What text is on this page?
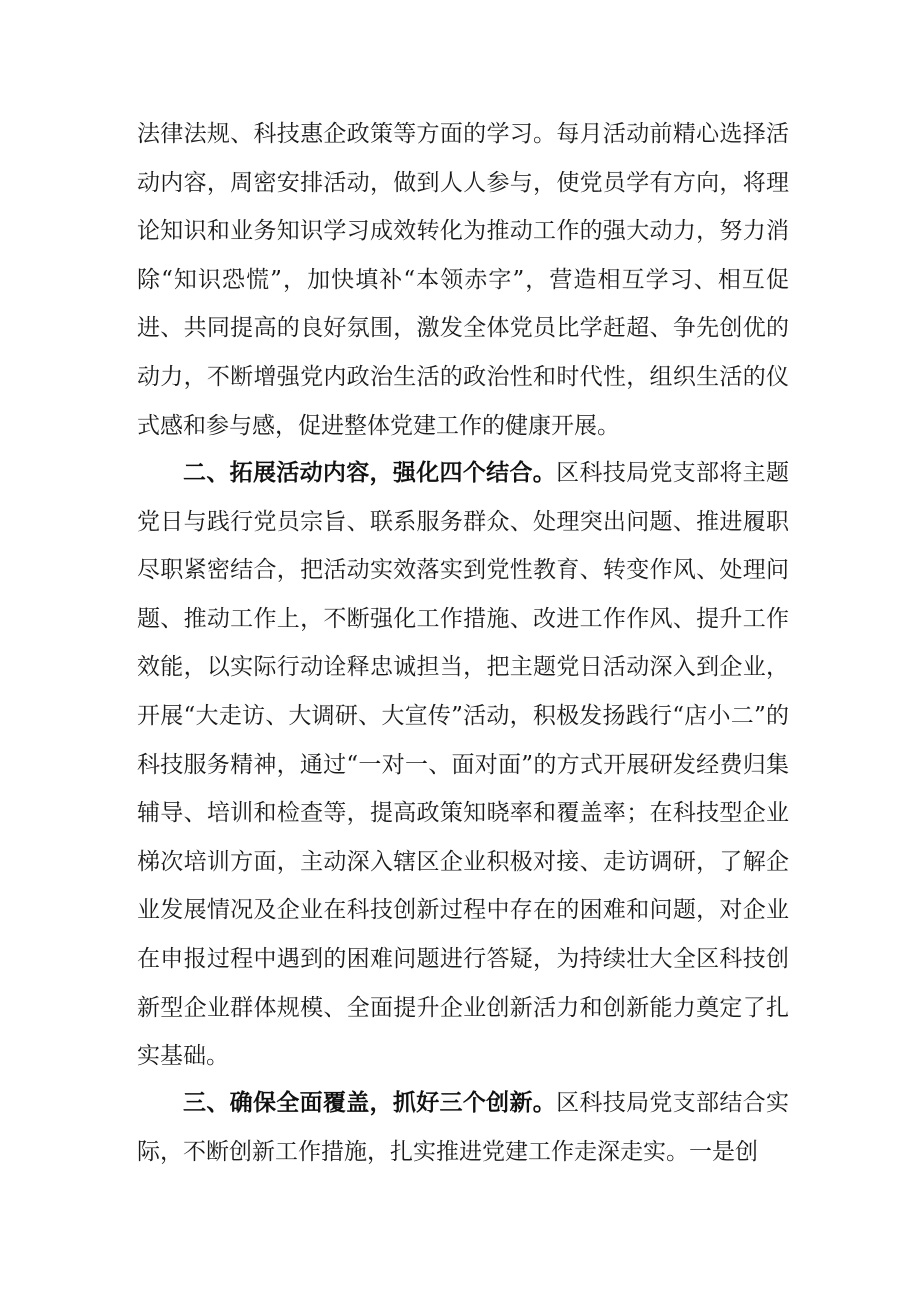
法律法规、科技惠企政策等方面的学习。每月活动前精心选择活动内容，周密安排活动，做到人人参与，使党员学有方向，将理论知识和业务知识学习成效转化为推动工作的强大动力，努力消除“知识恐慌”，加快填补“本领赤字”，营造相互学习、相互促进、共同提高的良好氛围，激发全体党员比学赶超、争先创优的动力，不断增强党内政治生活的政治性和时代性，组织生活的仪式感和参与感，促进整体党建工作的健康开展。

二、拓展活动内容，强化四个结合。区科技局党支部将主题党日与践行党员宗旨、联系服务群众、处理突出问题、推进履职尽职紧密结合，把活动实效落实到党性教育、转变作风、处理问题、推动工作上，不断强化工作措施、改进工作作风、提升工作效能，以实际行动诠释忠诚担当，把主题党日活动深入到企业，开展“大走访、大调研、大宣传”活动，积极发扬践行“店小二”的科技服务精神，通过“一对一、面对面”的方式开展研发经费归集辅导、培训和检查等，提高政策知晓率和覆盖率；在科技型企业梯次培训方面，主动深入辖区企业积极对接、走访调研，了解企业发展情况及企业在科技创新过程中存在的困难和问题，对企业在申报过程中遇到的困难问题进行答疑，为持续壮大全区科技创新型企业群体规模、全面提升企业创新活力和创新能力奠定了扎实基础。

三、确保全面覆盖，抓好三个创新。区科技局党支部结合实际，不断创新工作措施，扎实推进党建工作走深走实。一是创
